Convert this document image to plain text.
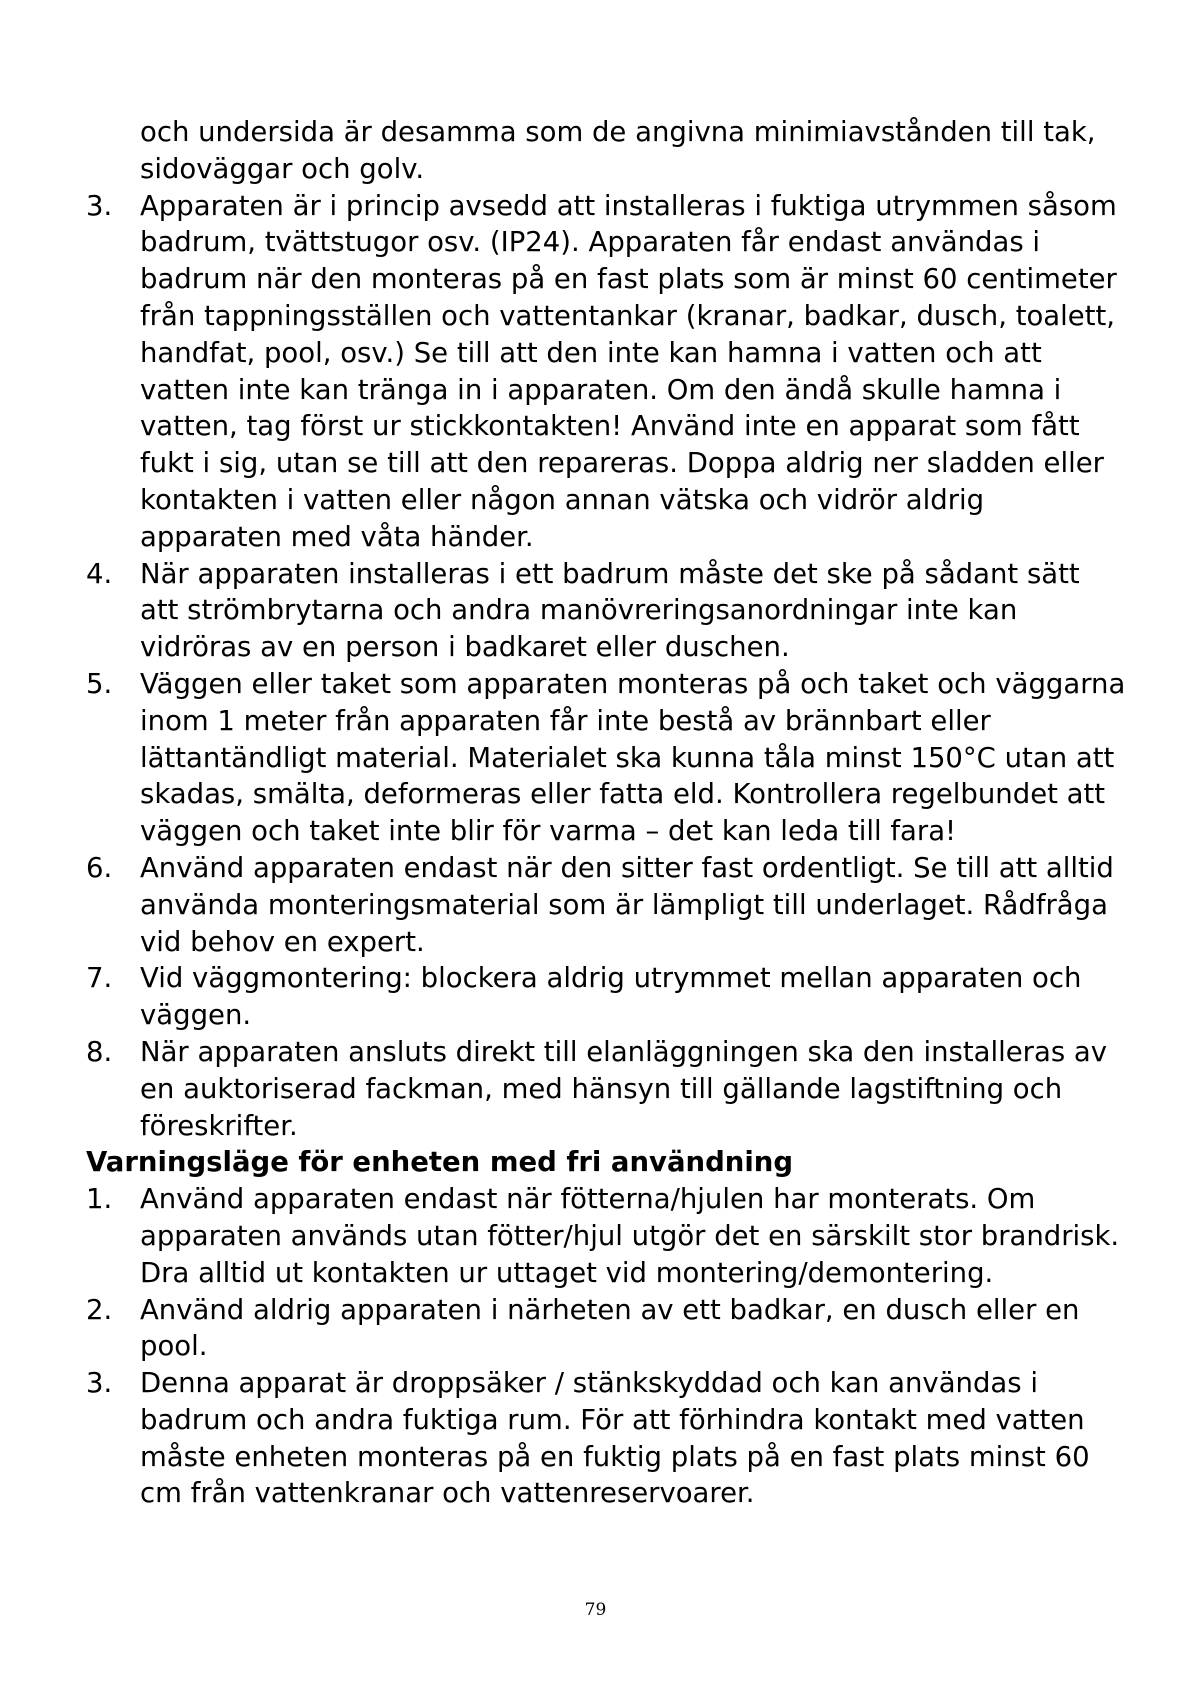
och undersida är desamma som de angivna minimiavstånden till tak, sidoväggar och golv.

3. Apparaten är i princip avsedd att installeras i fuktiga utrymmen såsom badrum, tvättstugor osv. (IP24). Apparaten får endast användas i badrum när den monteras på en fast plats som är minst 60 centimeter från tappningsställen och vattentankar (kranar, badkar, dusch, toalett, handfat, pool, osv.) Se till att den inte kan hamna i vatten och att vatten inte kan tränga in i apparaten. Om den ändå skulle hamna i vatten, tag först ur stickkontakten! Använd inte en apparat som fått fukt i sig, utan se till att den repareras. Doppa aldrig ner sladden eller kontakten i vatten eller någon annan vätska och vidrör aldrig apparaten med våta händer.
4. När apparaten installeras i ett badrum måste det ske på sådant sätt att strömbrytarna och andra manövreringsanordningar inte kan vidröras av en person i badkaret eller duschen.
5. Väggen eller taket som apparaten monteras på och taket och väggarna inom 1 meter från apparaten får inte bestå av brännbart eller lättantändligt material. Materialet ska kunna tåla minst 150°C utan att skadas, smälta, deformeras eller fatta eld. Kontrollera regelbundet att väggen och taket inte blir för varma – det kan leda till fara!
6. Använd apparaten endast när den sitter fast ordentligt. Se till att alltid använda monteringsmaterial som är lämpligt till underlaget. Rådfråga vid behov en expert.
7. Vid väggmontering: blockera aldrig utrymmet mellan apparaten och väggen.
8. När apparaten ansluts direkt till elanläggningen ska den installeras av en auktoriserad fackman, med hänsyn till gällande lagstiftning och föreskrifter.

Varningsläge för enheten med fri användning

1. Använd apparaten endast när fötterna/hjulen har monterats. Om apparaten används utan fötter/hjul utgör det en särskilt stor brandrisk. Dra alltid ut kontakten ur uttaget vid montering/demontering.
2. Använd aldrig apparaten i närheten av ett badkar, en dusch eller en pool.
3. Denna apparat är droppsäker / stänkskyddad och kan användas i badrum och andra fuktiga rum. För att förhindra kontakt med vatten måste enheten monteras på en fuktig plats på en fast plats minst 60 cm från vattenkranar och vattenreservoarer.
79
